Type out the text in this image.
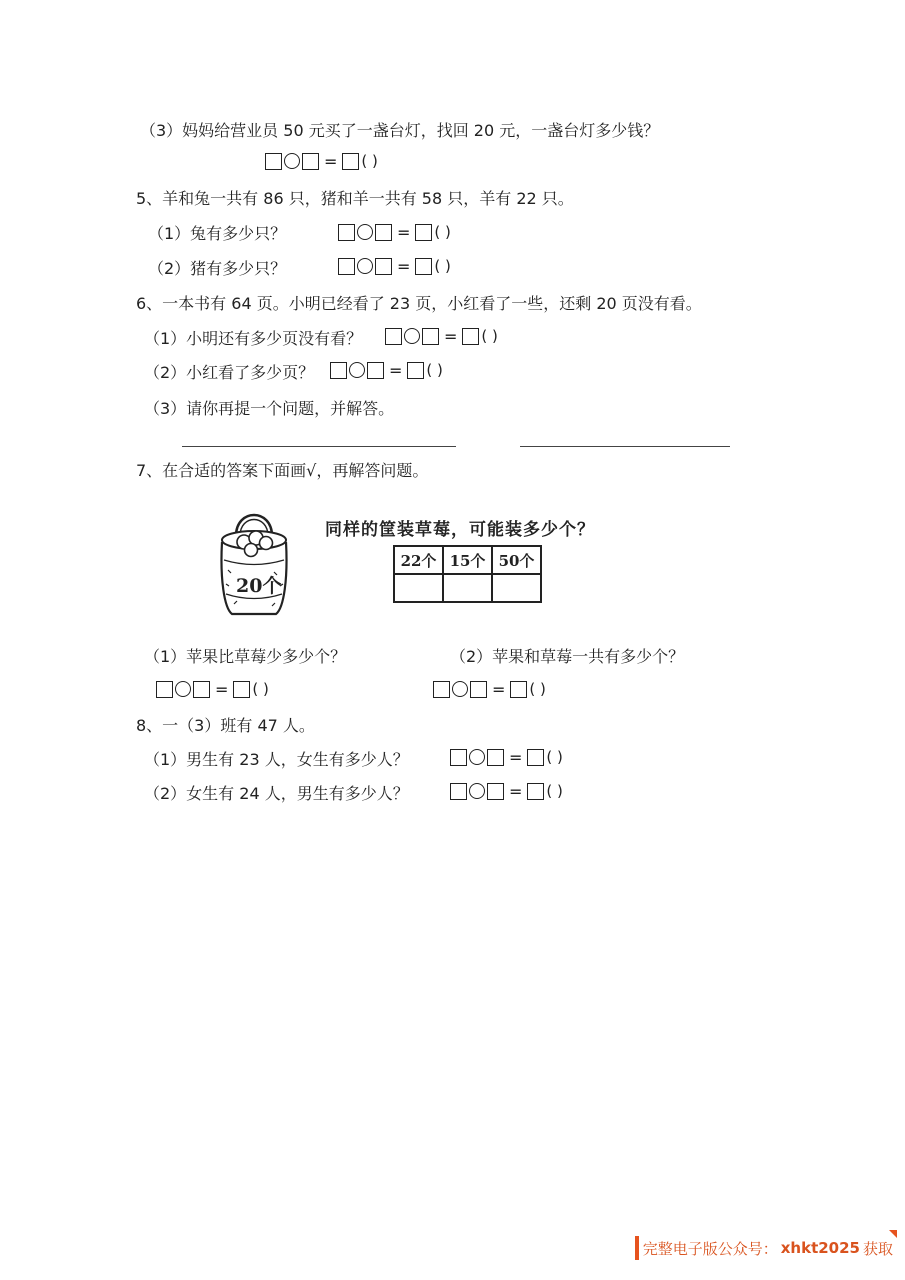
（3）妈妈给营业员 50 元买了一盏台灯，找回 20 元，一盏台灯多少钱？
= ( )
5、羊和兔一共有 86 只，猪和羊一共有 58 只，羊有 22 只。
（1）兔有多少只？	= ( )
（2）猪有多少只？	= ( )
6、一本书有 64 页。小明已经看了 23 页，小红看了一些，还剩 20 页没有看。
（1）小明还有多少页没有看？	= ( )
（2）小红看了多少页？	= ( )
（3）请你再提一个问题，并解答。
7、在合适的答案下面画√，再解答问题。
20个
同样的筐装草莓，可能装多少个？
22个	15个	50个

（1）苹果比草莓少多少个？	（2）苹果和草莓一共有多少个？
= ( )	= ( )
8、一（3）班有 47 人。
（1）男生有 23 人，女生有多少人？	= ( )
（2）女生有 24 人，男生有多少人？	= ( )
完整电子版公众号： xhkt2025 获取
